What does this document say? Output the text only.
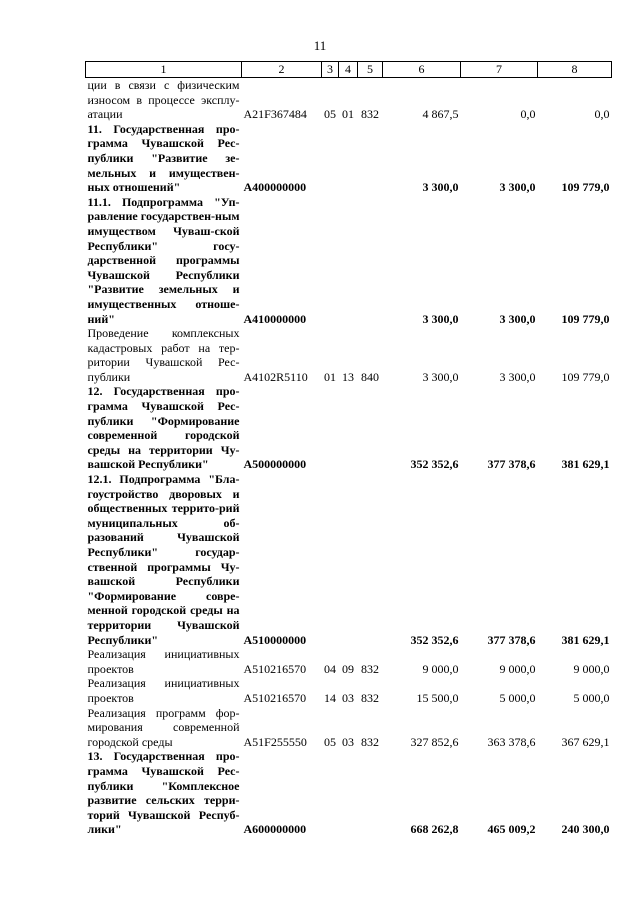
11
1	2	3	4	5	6	7	8
ции в связи с физическим износом в процессе эксплу-атации	А21F367484	05	01	832	4 867,5	0,0	0,0
11. Государственная про-грамма Чувашской Рес-публики "Развитие зе-мельных и имуществен-ных отношений"	А400000000				3 300,0	3 300,0	109 779,0
11.1. Подпрограмма "Уп-равление государствен-ным имуществом Чуваш-ской Республики" госу-дарственной программы Чувашской Республики "Развитие земельных и имущественных отноше-ний"	А410000000				3 300,0	3 300,0	109 779,0
Проведение комплексных кадастровых работ на тер-ритории Чувашской Рес-публики	А4102R5110	01	13	840	3 300,0	3 300,0	109 779,0
12. Государственная про-грамма Чувашской Рес-публики "Формирование современной городской среды на территории Чу-вашской Республики"	А500000000				352 352,6	377 378,6	381 629,1
12.1. Подпрограмма "Бла-гоустройство дворовых и общественных террито-рий муниципальных об-разований Чувашской Республики" государ-ственной программы Чу-вашской Республики "Формирование совре-менной городской среды на территории Чувашской Республики"	А510000000				352 352,6	377 378,6	381 629,1
Реализация инициативных проектов	А510216570	04	09	832	9 000,0	9 000,0	9 000,0
Реализация инициативных проектов	А510216570	14	03	832	15 500,0	5 000,0	5 000,0
Реализация программ фор-мирования современной городской среды	А51F255550	05	03	832	327 852,6	363 378,6	367 629,1
13. Государственная про-грамма Чувашской Рес-публики "Комплексное развитие сельских терри-торий Чувашской Респуб-лики"	А600000000				668 262,8	465 009,2	240 300,0
